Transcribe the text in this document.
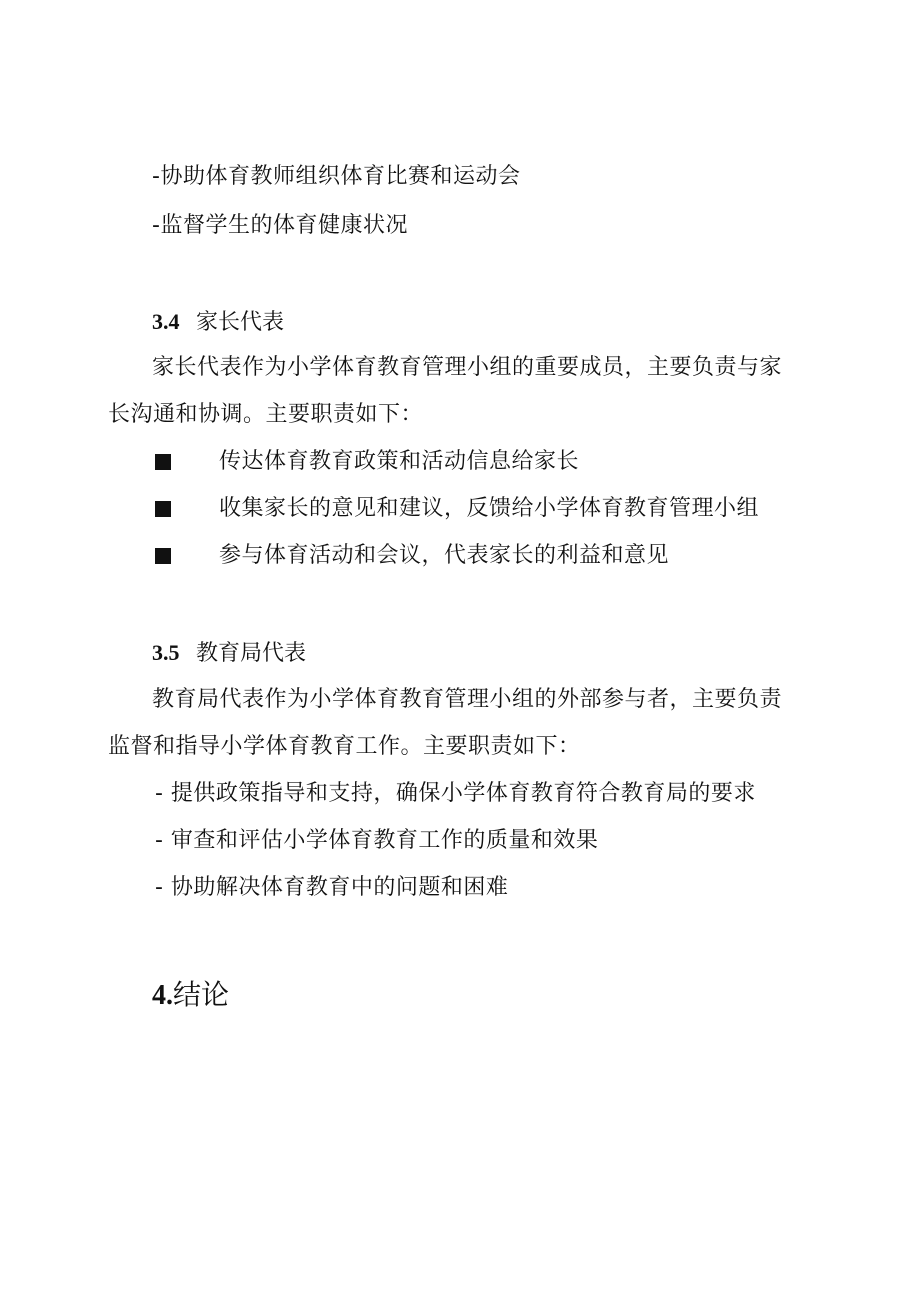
-协助体育教师组织体育比赛和运动会
-监督学生的体育健康状况
3.4 家长代表
家长代表作为小学体育教育管理小组的重要成员，主要负责与家
长沟通和协调。主要职责如下：
传达体育教育政策和活动信息给家长
收集家长的意见和建议，反馈给小学体育教育管理小组
参与体育活动和会议，代表家长的利益和意见
3.5 教育局代表
教育局代表作为小学体育教育管理小组的外部参与者，主要负责
监督和指导小学体育教育工作。主要职责如下：
- 提供政策指导和支持，确保小学体育教育符合教育局的要求
- 审查和评估小学体育教育工作的质量和效果
- 协助解决体育教育中的问题和困难
4.结论
